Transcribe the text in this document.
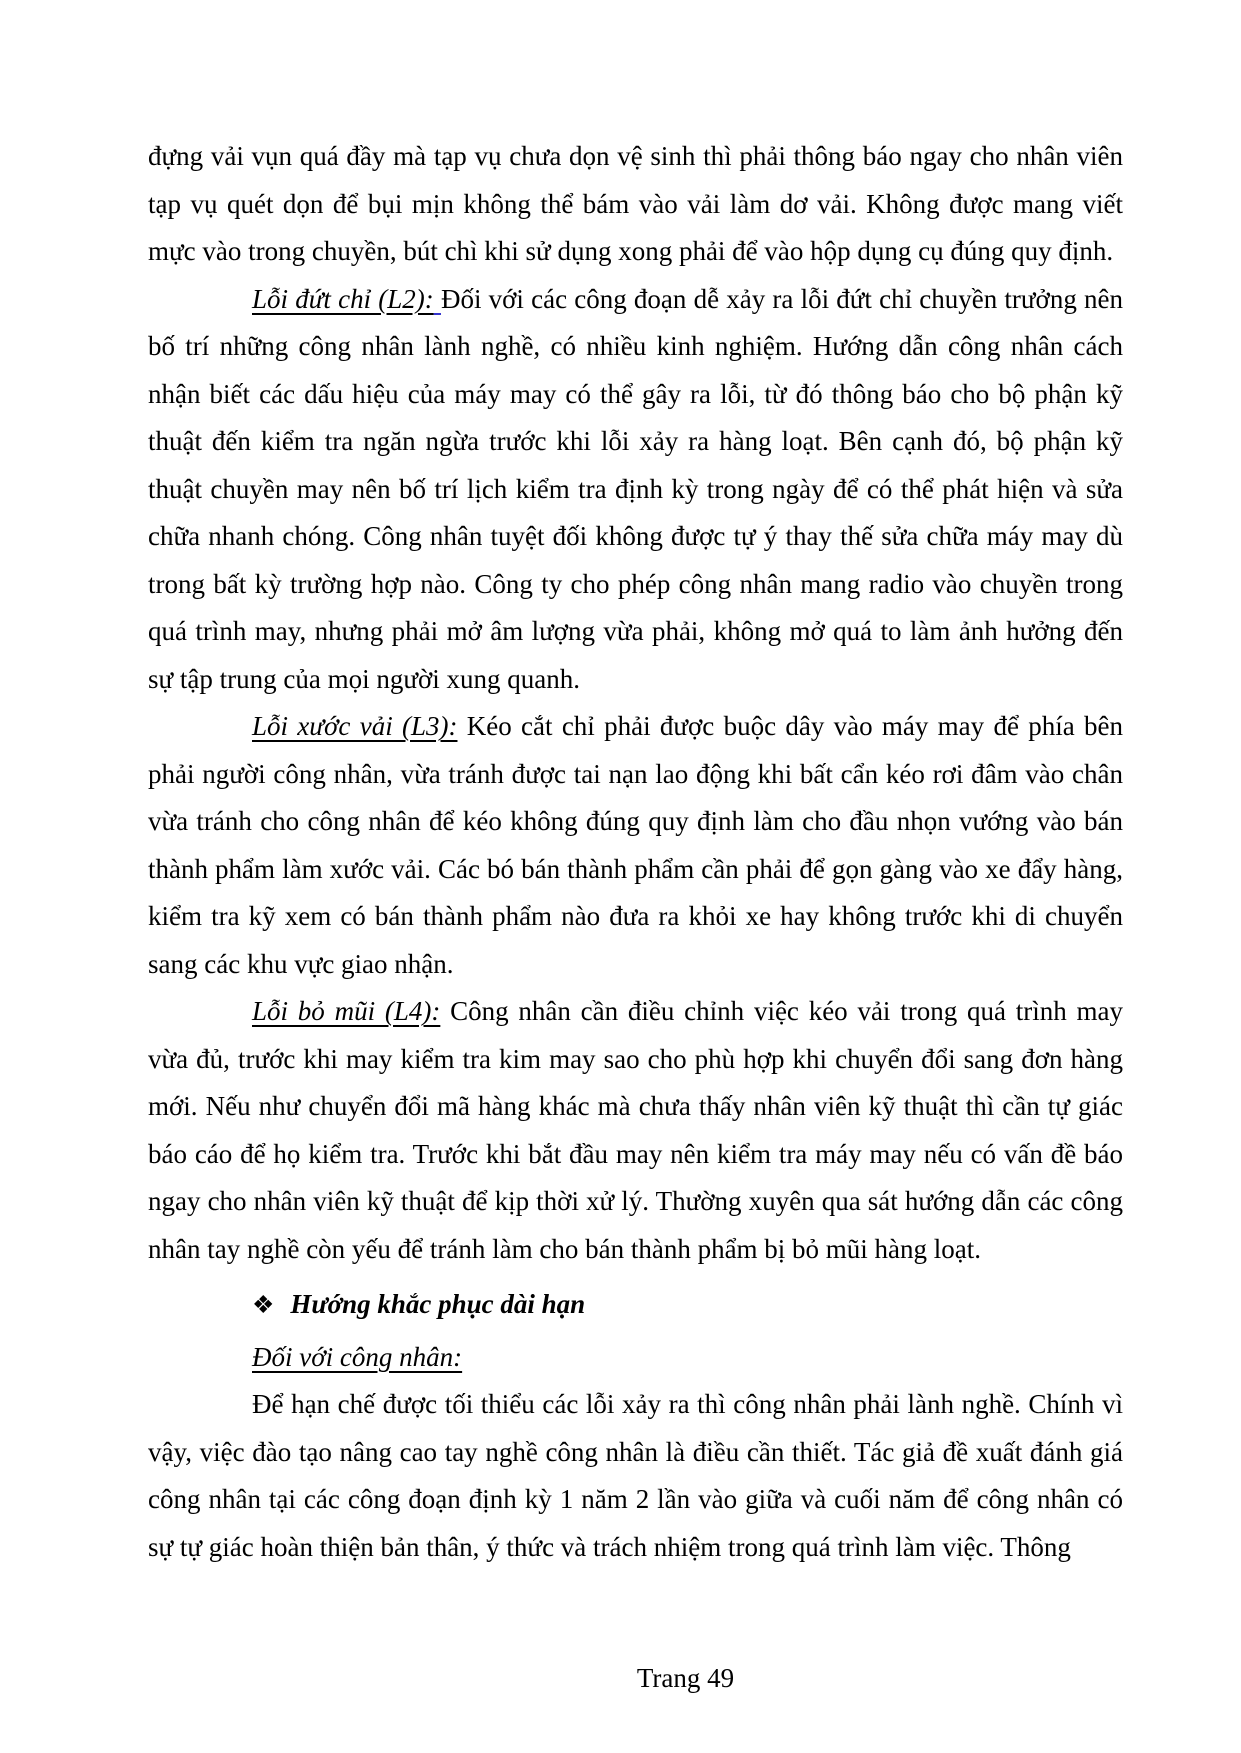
đựng vải vụn quá đầy mà tạp vụ chưa dọn vệ sinh thì phải thông báo ngay cho nhân viên tạp vụ quét dọn để bụi mịn không thể bám vào vải làm dơ vải. Không được mang viết mực vào trong chuyền, bút chì khi sử dụng xong phải để vào hộp dụng cụ đúng quy định.

Lỗi đứt chỉ (L2): Đối với các công đoạn dễ xảy ra lỗi đứt chỉ chuyền trưởng nên bố trí những công nhân lành nghề, có nhiều kinh nghiệm. Hướng dẫn công nhân cách nhận biết các dấu hiệu của máy may có thể gây ra lỗi, từ đó thông báo cho bộ phận kỹ thuật đến kiểm tra ngăn ngừa trước khi lỗi xảy ra hàng loạt. Bên cạnh đó, bộ phận kỹ thuật chuyền may nên bố trí lịch kiểm tra định kỳ trong ngày để có thể phát hiện và sửa chữa nhanh chóng. Công nhân tuyệt đối không được tự ý thay thế sửa chữa máy may dù trong bất kỳ trường hợp nào. Công ty cho phép công nhân mang radio vào chuyền trong quá trình may, nhưng phải mở âm lượng vừa phải, không mở quá to làm ảnh hưởng đến sự tập trung của mọi người xung quanh.

Lỗi xước vải (L3): Kéo cắt chỉ phải được buộc dây vào máy may để phía bên phải người công nhân, vừa tránh được tai nạn lao động khi bất cẩn kéo rơi đâm vào chân vừa tránh cho công nhân để kéo không đúng quy định làm cho đầu nhọn vướng vào bán thành phẩm làm xước vải. Các bó bán thành phẩm cần phải để gọn gàng vào xe đẩy hàng, kiểm tra kỹ xem có bán thành phẩm nào đưa ra khỏi xe hay không trước khi di chuyển sang các khu vực giao nhận.

Lỗi bỏ mũi (L4): Công nhân cần điều chỉnh việc kéo vải trong quá trình may vừa đủ, trước khi may kiểm tra kim may sao cho phù hợp khi chuyển đổi sang đơn hàng mới. Nếu như chuyển đổi mã hàng khác mà chưa thấy nhân viên kỹ thuật thì cần tự giác báo cáo để họ kiểm tra. Trước khi bắt đầu may nên kiểm tra máy may nếu có vấn đề báo ngay cho nhân viên kỹ thuật để kịp thời xử lý. Thường xuyên qua sát hướng dẫn các công nhân tay nghề còn yếu để tránh làm cho bán thành phẩm bị bỏ mũi hàng loạt.

❖ Hướng khắc phục dài hạn

Đối với công nhân:

Để hạn chế được tối thiểu các lỗi xảy ra thì công nhân phải lành nghề. Chính vì vậy, việc đào tạo nâng cao tay nghề công nhân là điều cần thiết. Tác giả đề xuất đánh giá công nhân tại các công đoạn định kỳ 1 năm 2 lần vào giữa và cuối năm để công nhân có sự tự giác hoàn thiện bản thân, ý thức và trách nhiệm trong quá trình làm việc. Thông

Trang 49
